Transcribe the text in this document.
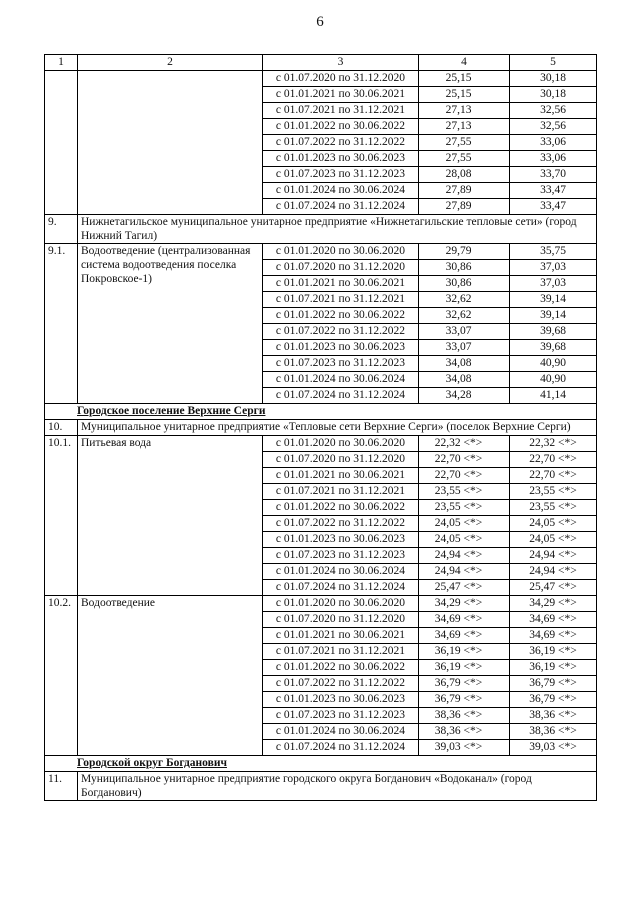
6
1	2	3	4	5
		с 01.07.2020 по 31.12.2020	25,15	30,18
		с 01.01.2021 по 30.06.2021	25,15	30,18
		с 01.07.2021 по 31.12.2021	27,13	32,56
		с 01.01.2022 по 30.06.2022	27,13	32,56
		с 01.07.2022 по 31.12.2022	27,55	33,06
		с 01.01.2023 по 30.06.2023	27,55	33,06
		с 01.07.2023 по 31.12.2023	28,08	33,70
		с 01.01.2024 по 30.06.2024	27,89	33,47
		с 01.07.2024 по 31.12.2024	27,89	33,47
9.	Нижнетагильское муниципальное унитарное предприятие «Нижнетагильские тепловые сети» (город Нижний Тагил)			
9.1.	Водоотведение (централизованная система водоотведения поселка Покровское-1)	с 01.01.2020 по 30.06.2020	29,79	35,75
		с 01.07.2020 по 31.12.2020	30,86	37,03
		с 01.01.2021 по 30.06.2021	30,86	37,03
		с 01.07.2021 по 31.12.2021	32,62	39,14
		с 01.01.2022 по 30.06.2022	32,62	39,14
		с 01.07.2022 по 31.12.2022	33,07	39,68
		с 01.01.2023 по 30.06.2023	33,07	39,68
		с 01.07.2023 по 31.12.2023	34,08	40,90
		с 01.01.2024 по 30.06.2024	34,08	40,90
		с 01.07.2024 по 31.12.2024	34,28	41,14
Городское поселение Верхние Серги				
10.	Муниципальное унитарное предприятие «Тепловые сети Верхние Серги» (поселок Верхние Серги)			
10.1.	Питьевая вода	с 01.01.2020 по 30.06.2020	22,32 <*>	22,32 <*>
		с 01.07.2020 по 31.12.2020	22,70 <*>	22,70 <*>
		с 01.01.2021 по 30.06.2021	22,70 <*>	22,70 <*>
		с 01.07.2021 по 31.12.2021	23,55 <*>	23,55 <*>
		с 01.01.2022 по 30.06.2022	23,55 <*>	23,55 <*>
		с 01.07.2022 по 31.12.2022	24,05 <*>	24,05 <*>
		с 01.01.2023 по 30.06.2023	24,05 <*>	24,05 <*>
		с 01.07.2023 по 31.12.2023	24,94 <*>	24,94 <*>
		с 01.01.2024 по 30.06.2024	24,94 <*>	24,94 <*>
		с 01.07.2024 по 31.12.2024	25,47 <*>	25,47 <*>
10.2.	Водоотведение	с 01.01.2020 по 30.06.2020	34,29 <*>	34,29 <*>
		с 01.07.2020 по 31.12.2020	34,69 <*>	34,69 <*>
		с 01.01.2021 по 30.06.2021	34,69 <*>	34,69 <*>
		с 01.07.2021 по 31.12.2021	36,19 <*>	36,19 <*>
		с 01.01.2022 по 30.06.2022	36,19 <*>	36,19 <*>
		с 01.07.2022 по 31.12.2022	36,79 <*>	36,79 <*>
		с 01.01.2023 по 30.06.2023	36,79 <*>	36,79 <*>
		с 01.07.2023 по 31.12.2023	38,36 <*>	38,36 <*>
		с 01.01.2024 по 30.06.2024	38,36 <*>	38,36 <*>
		с 01.07.2024 по 31.12.2024	39,03 <*>	39,03 <*>
Городской округ Богданович				
11.	Муниципальное унитарное предприятие городского округа Богданович «Водоканал» (город Богданович)			
